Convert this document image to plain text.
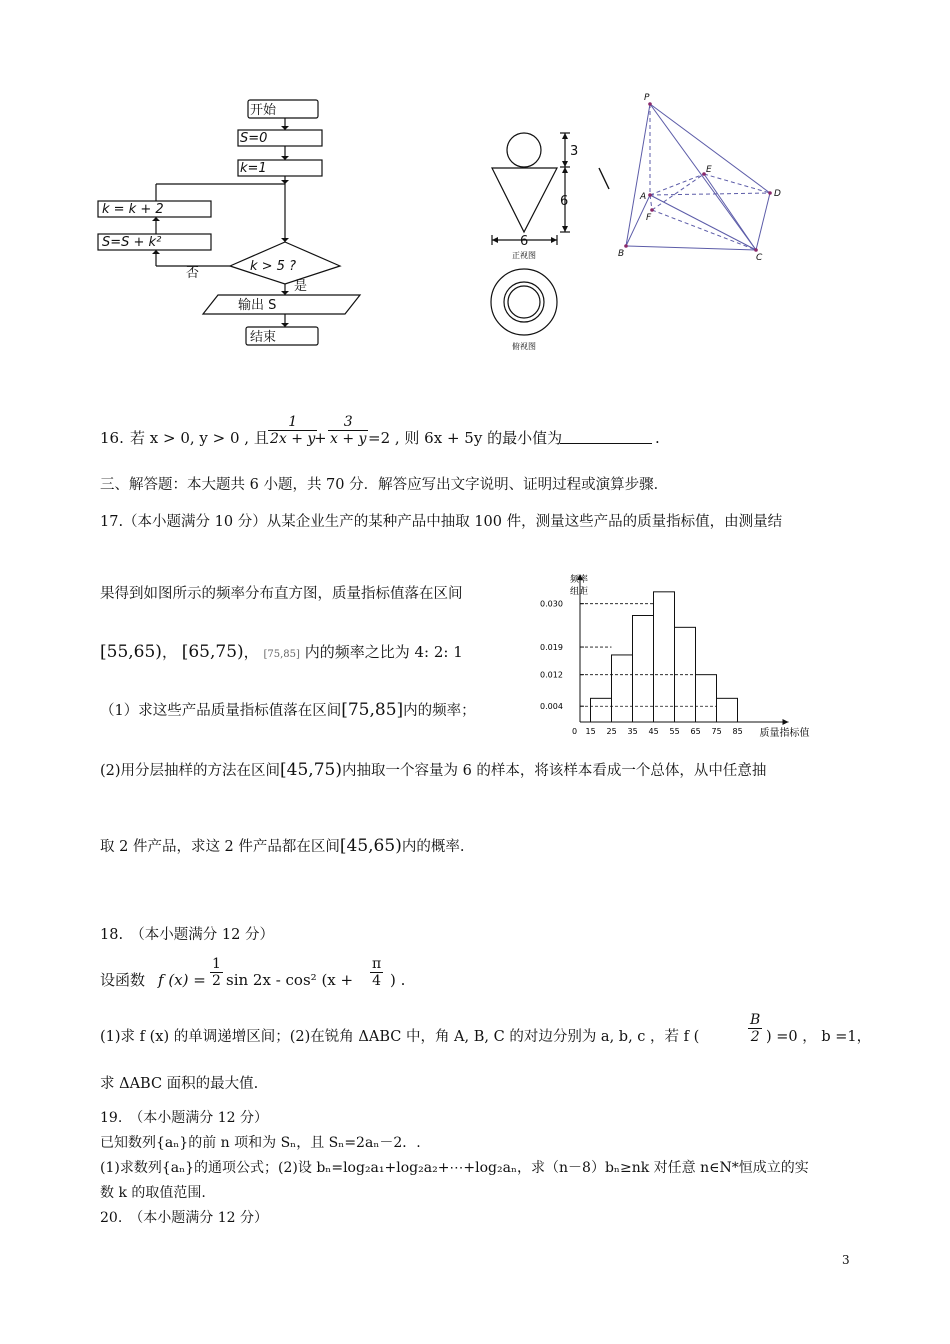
开始
S=0
k=1
k = k + 2
S=S + k²
k > 5 ?
否
是
输出 S
结束
3
6
6
正视图
俯视图
P
E
A
F
D
B	C
16. 若 x > 0, y > 0 , 且
1
2x + y
+
3
x + y =2 , 则 6x + 5y 的最小值为	.
三、解答题：本大题共 6 小题，共 70 分．解答应写出文字说明、证明过程或演算步骤．
17.（本小题满分 10 分）从某企业生产的某种产品中抽取 100 件，测量这些产品的质量指标值，由测量结
果得到如图所示的频率分布直方图，质量指标值落在区间
[55,65)， [65,75)， [75,85] 内的频率之比为 4: 2: 1
（1）求这些产品质量指标值落在区间[75,85]内的频率；
(2)用分层抽样的方法在区间[45,75)内抽取一个容量为 6 的样本，将该样本看成一个总体，从中任意抽
取 2 件产品，求这 2 件产品都在区间[45,65)内的概率.
频率
组距
0.004
0.012
0.019
0.030
0 15 25 35 45 55 65 75 85 质量指标值
18.　（本小题满分 12 分）
设函数 f (x) =
1
2 sin 2x - cos² (x +
π
4 ) .
(1)求 f (x) 的单调递增区间；(2)在锐角 ΔABC 中，角 A, B, C 的对边分别为 a, b, c ，若 f (
B
2 ) =0 ， b =1，
求 ΔABC 面积的最大值.
19.　（本小题满分 12 分）
已知数列{aₙ}的前 n 项和为 Sₙ，且 Sₙ=2aₙ－2．.
(1)求数列{aₙ}的通项公式；(2)设 bₙ=log₂a₁+log₂a₂+⋯+log₂aₙ，求（n－8）bₙ≥nk 对任意 n∈N*恒成立的实
数 k 的取值范围.
20.　（本小题满分 12 分）
3
